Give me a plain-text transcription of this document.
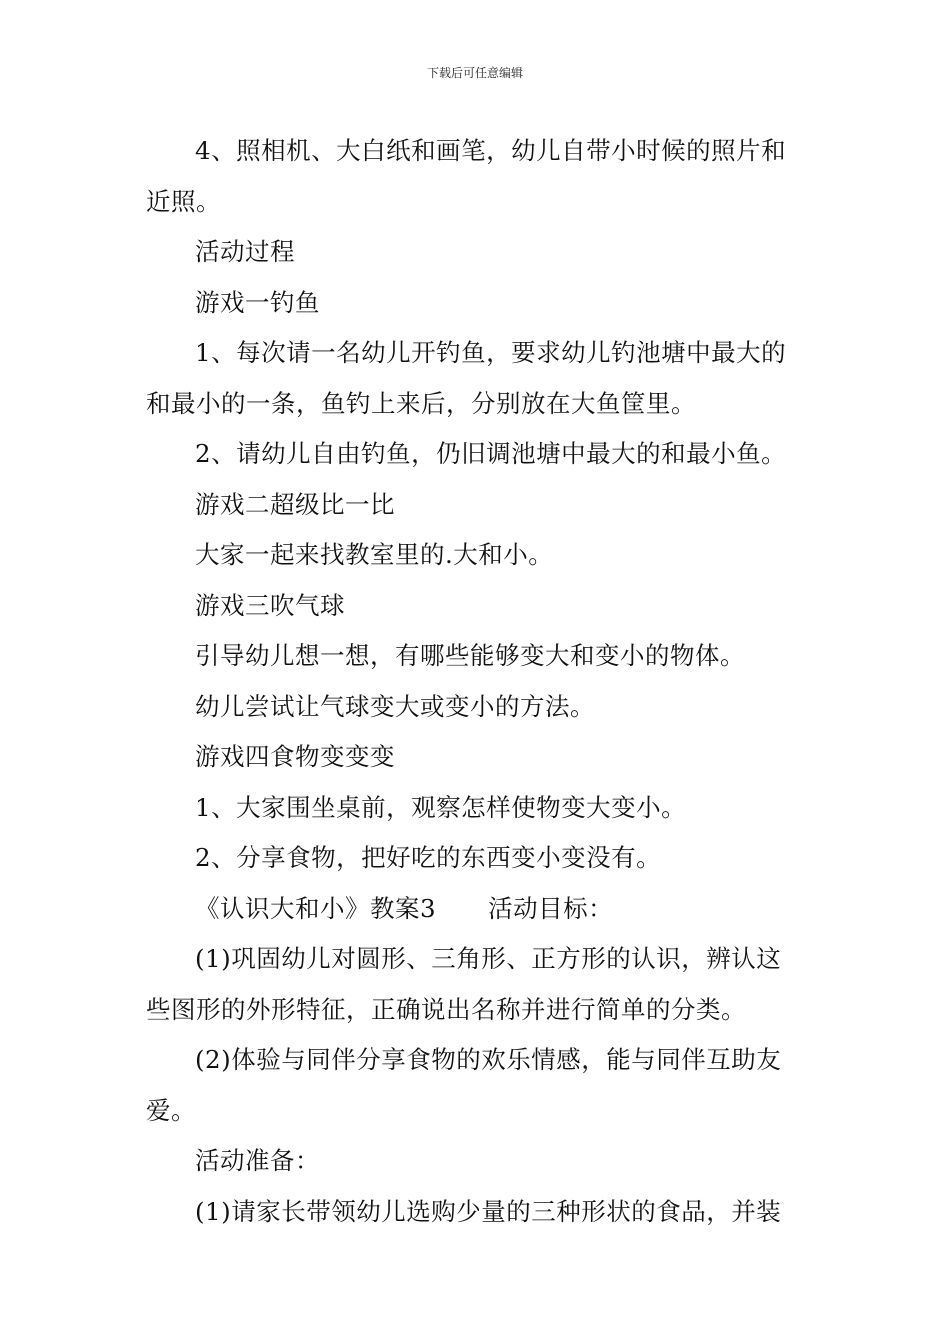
下载后可任意编辑

4、照相机、大白纸和画笔，幼儿自带小时候的照片和近照。

活动过程

游戏一钓鱼

1、每次请一名幼儿开钓鱼，要求幼儿钓池塘中最大的和最小的一条，鱼钓上来后，分别放在大鱼筐里。

2、请幼儿自由钓鱼，仍旧调池塘中最大的和最小鱼。

游戏二超级比一比

大家一起来找教室里的.大和小。

游戏三吹气球

引导幼儿想一想，有哪些能够变大和变小的物体。

幼儿尝试让气球变大或变小的方法。

游戏四食物变变变

1、大家围坐桌前，观察怎样使物变大变小。

2、分享食物，把好吃的东西变小变没有。

《认识大和小》教案3 活动目标：

(1)巩固幼儿对圆形、三角形、正方形的认识，辨认这些图形的外形特征，正确说出名称并进行简单的分类。

(2)体验与同伴分享食物的欢乐情感，能与同伴互助友爱。

活动准备：

(1)请家长带领幼儿选购少量的三种形状的食品，并装
